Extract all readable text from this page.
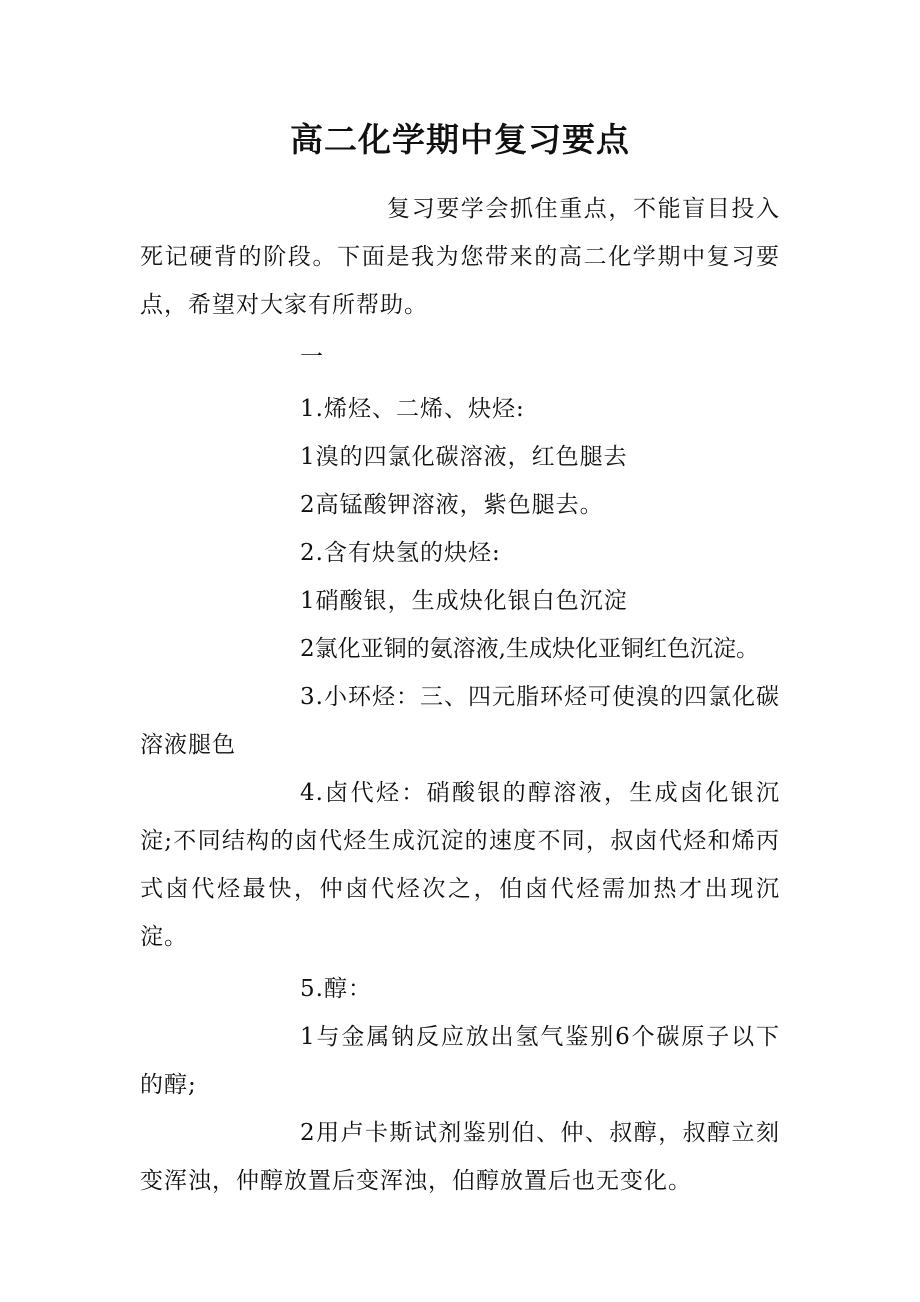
高二化学期中复习要点

复习要学会抓住重点，不能盲目投入死记硬背的阶段。下面是我为您带来的高二化学期中复习要点，希望对大家有所帮助。

一

1.烯烃、二烯、炔烃:

1溴的四氯化碳溶液，红色腿去

2高锰酸钾溶液，紫色腿去。

2.含有炔氢的炔烃:

1硝酸银，生成炔化银白色沉淀

2氯化亚铜的氨溶液,生成炔化亚铜红色沉淀。

3.小环烃：三、四元脂环烃可使溴的四氯化碳溶液腿色

4.卤代烃：硝酸银的醇溶液，生成卤化银沉淀;不同结构的卤代烃生成沉淀的速度不同，叔卤代烃和烯丙式卤代烃最快，仲卤代烃次之，伯卤代烃需加热才出现沉淀。

5.醇：

1与金属钠反应放出氢气鉴别6个碳原子以下的醇;

2用卢卡斯试剂鉴别伯、仲、叔醇，叔醇立刻变浑浊，仲醇放置后变浑浊，伯醇放置后也无变化。
